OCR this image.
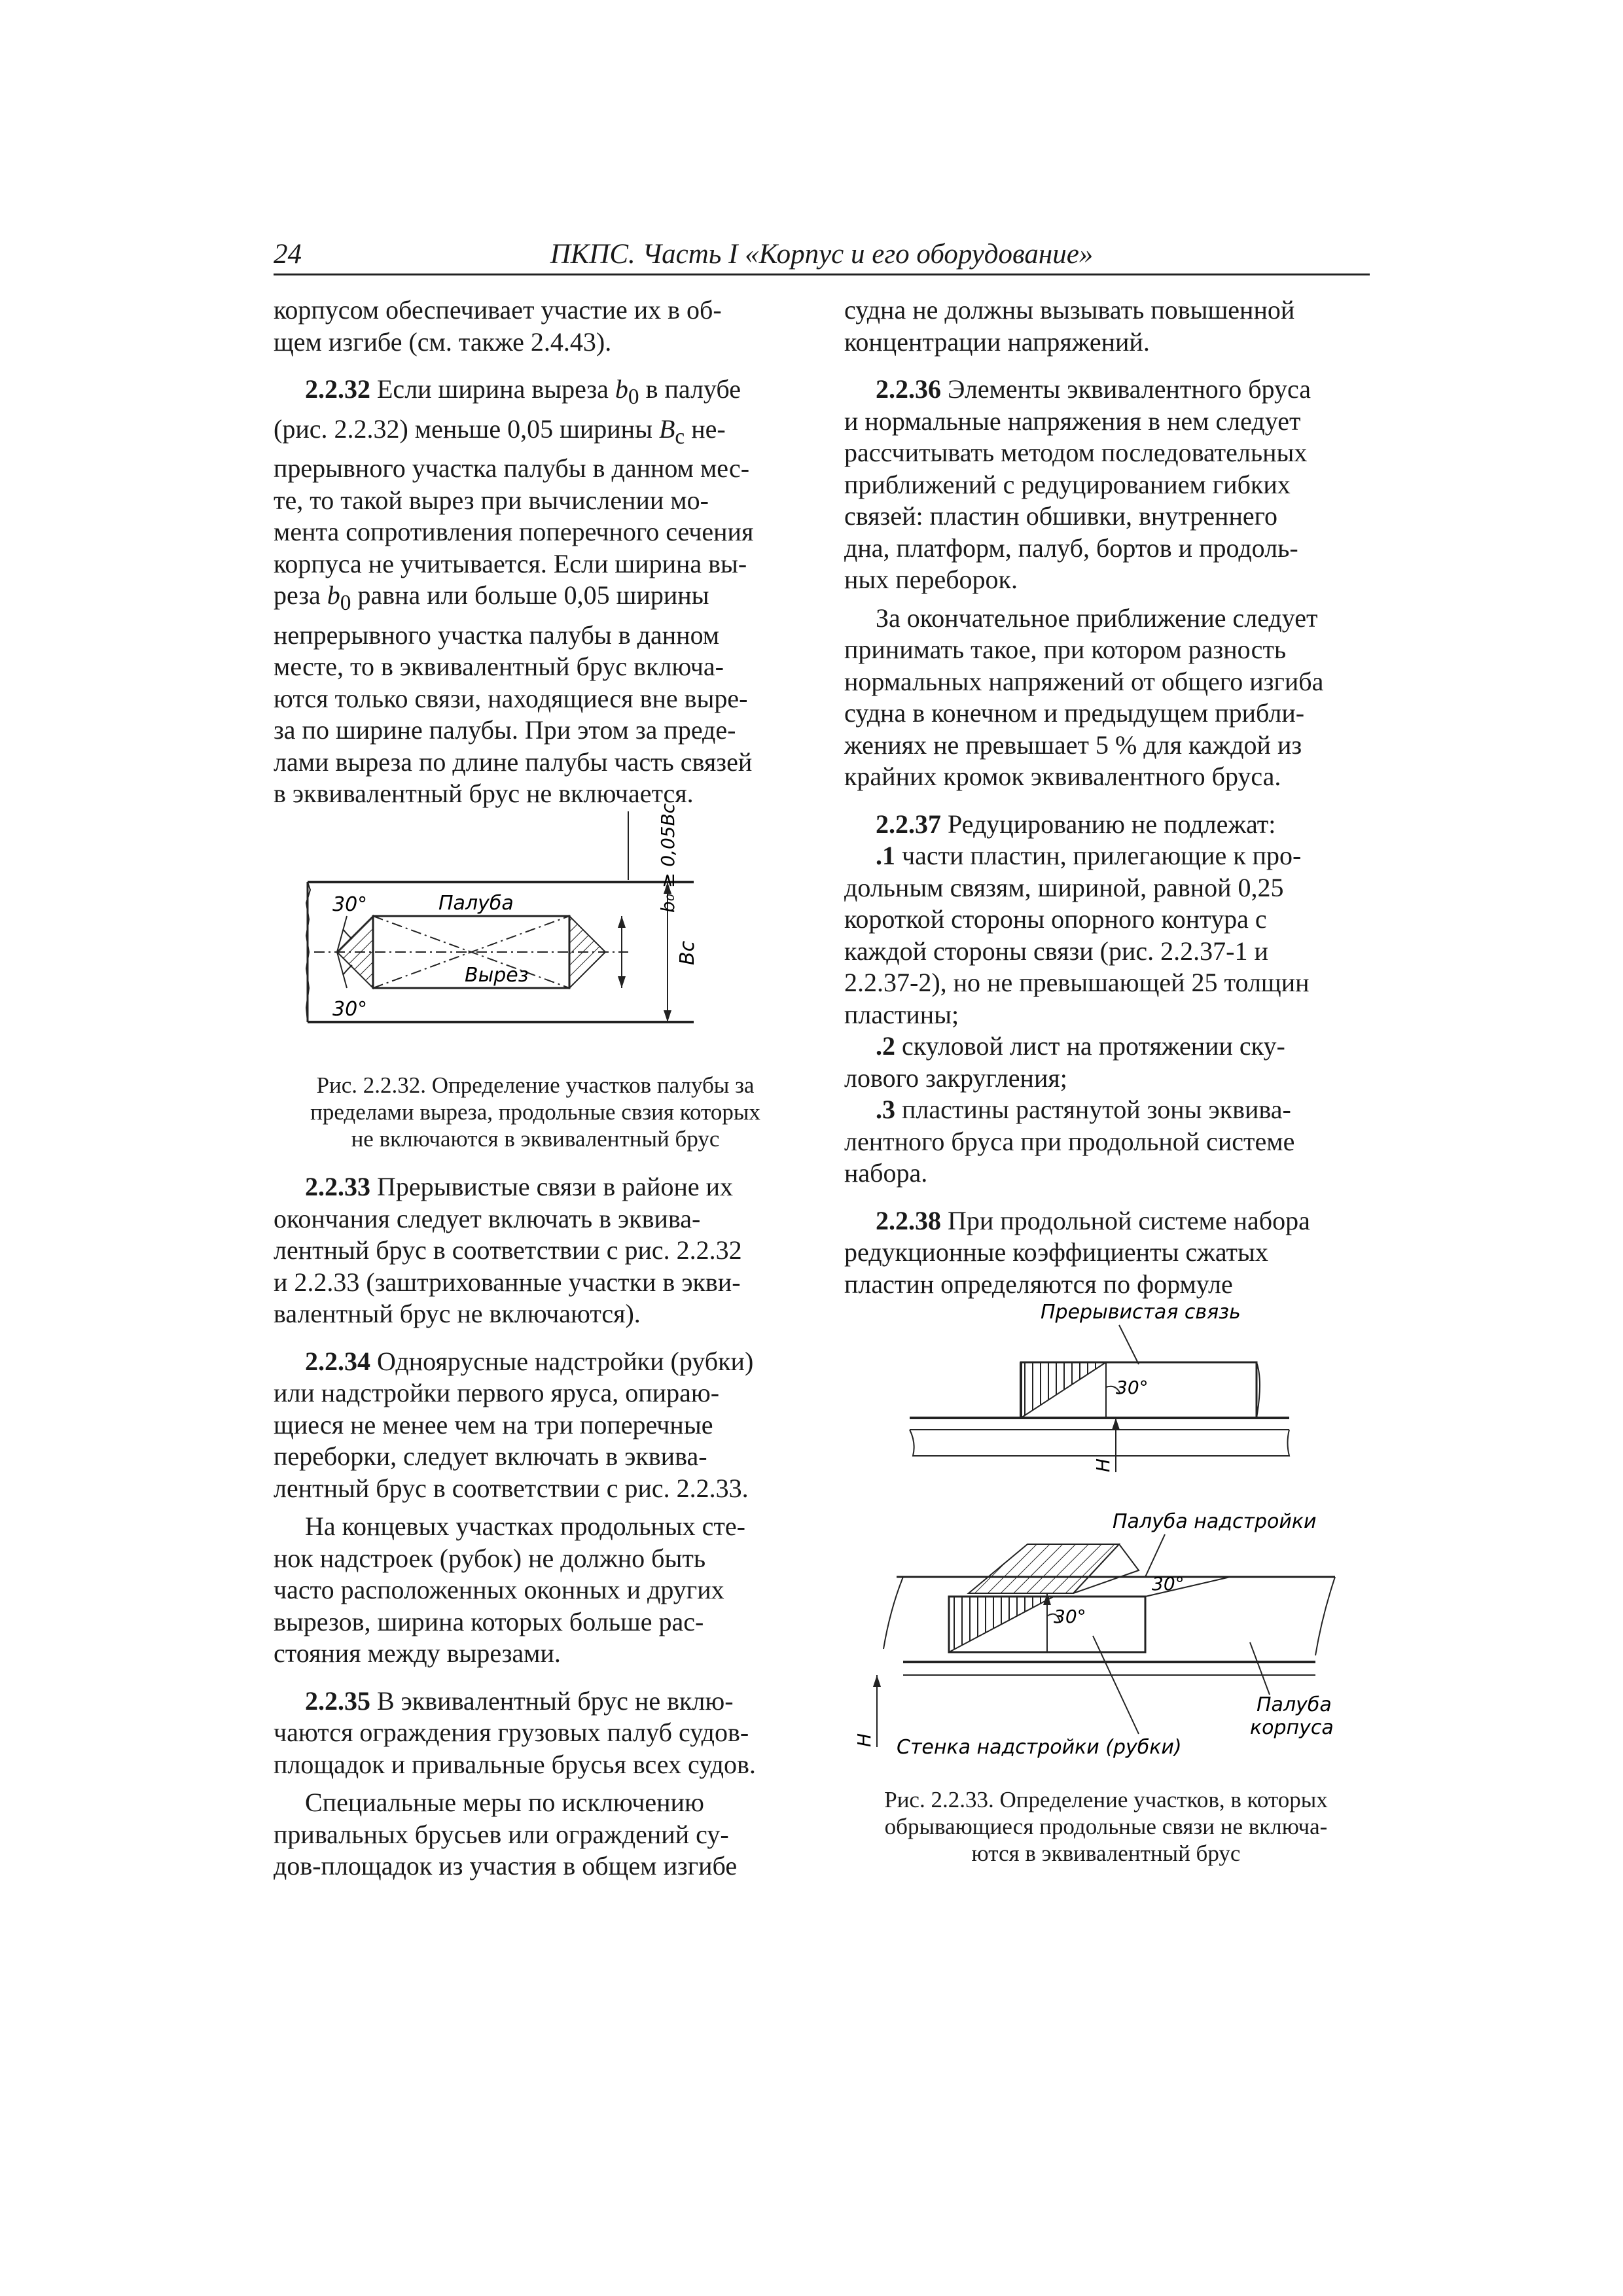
24	ПКПС. Часть I «Корпус и его оборудование»

корпусом обеспечивает участие их в об-

щем изгибе (см. также 2.4.43).

2.2.32 Если ширина выреза $b_0$ в палубе

(рис. 2.2.32) меньше 0,05 ширины $B_с$ не-

прерывного участка палубы в данном мес-

те, то такой вырез при вычислении мо-

мента сопротивления поперечного сечения

корпуса не учитывается. Если ширина вы-

реза $b_0$ равна или больше 0,05 ширины

непрерывного участка палубы в данном

месте, то в эквивалентный брус включа-

ются только связи, находящиеся вне выре-

за по ширине палубы. При этом за преде-

лами выреза по длине палубы часть связей

в эквивалентный брус не включается.

30°
30°
Палуба
Вырез
b₀ ≥ 0,05Bс
Bс
Рис. 2.2.32. Определение участков палубы за
пределами выреза, продольные свзия которых
не включаются в эквивалентный брус

2.2.33 Прерывистые связи в районе их

окончания следует включать в эквива-

лентный брус в соответствии с рис. 2.2.32

и 2.2.33 (заштрихованные участки в экви-

валентный брус не включаются).

2.2.34 Одноярусные надстройки (рубки)

или надстройки первого яруса, опираю-

щиеся не менее чем на три поперечные

переборки, следует включать в эквива-

лентный брус в соответствии с рис. 2.2.33.

На концевых участках продольных сте-

нок надстроек (рубок) не должно быть

часто расположенных оконных и других

вырезов, ширина которых больше рас-

стояния между вырезами.

2.2.35 В эквивалентный брус не вклю-

чаются ограждения грузовых палуб судов-

площадок и привальные брусья всех судов.

Специальные меры по исключению

привальных брусьев или ограждений су-

дов-площадок из участия в общем изгибе

судна не должны вызывать повышенной

концентрации напряжений.

2.2.36 Элементы эквивалентного бруса

и нормальные напряжения в нем следует

рассчитывать методом последовательных

приближений с редуцированием гибких

связей: пластин обшивки, внутреннего

дна, платформ, палуб, бортов и продоль-

ных переборок.

За окончательное приближение следует

принимать такое, при котором разность

нормальных напряжений от общего изгиба

судна в конечном и предыдущем прибли-

жениях не превышает 5 % для каждой из

крайних кромок эквивалентного бруса.

2.2.37 Редуцированию не подлежат:

.1 части пластин, прилегающие к про-

дольным связям, шириной, равной 0,25

короткой стороны опорного контура с

каждой стороны связи (рис. 2.2.37-1 и

2.2.37-2), но не превышающей 25 толщин

пластины;

.2 скуловой лист на протяжении ску-

лового закругления;

.3 пластины растянутой зоны эквива-

лентного бруса при продольной системе

набора.

2.2.38 При продольной системе набора

редукционные коэффициенты сжатых

пластин определяются по формуле

Прерывистая связь
30°
H
Палуба надстройки
30°
30°
H
Палуба
корпуса
Стенка надстройки (рубки)
Рис. 2.2.33. Определение участков, в которых
обрывающиеся продольные связи не включа-
ются в эквивалентный брус
